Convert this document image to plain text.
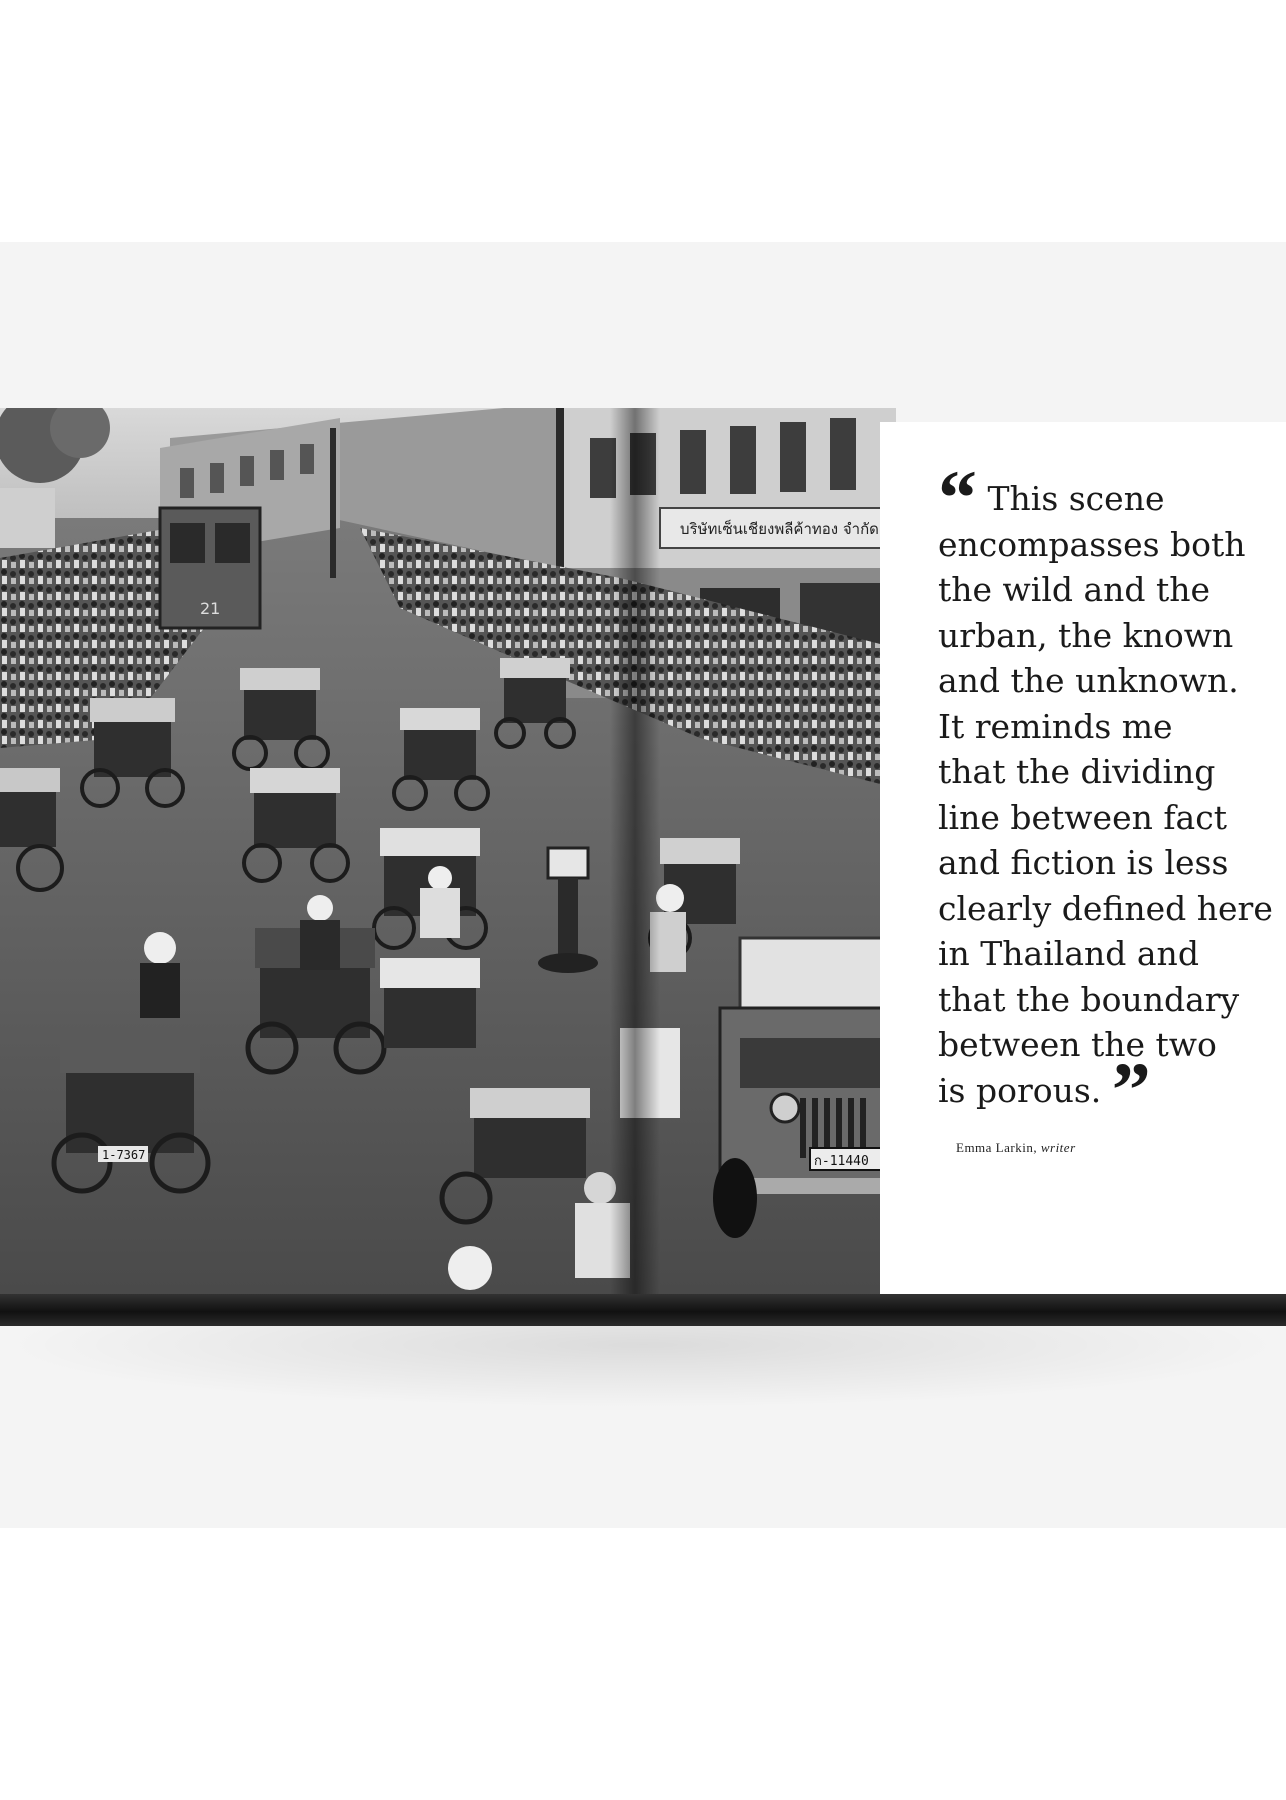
บริษัทเซ็นเชียงพลีค้าทอง จำกัด
21
1-7367	ก-11440
“ This scene
encompasses both
the wild and the
urban, the known
and the unknown.
It reminds me
that the dividing
line between fact
and fiction is less
clearly defined here
in Thailand and
that the boundary
between the two
is porous. ”
Emma Larkin, writer
